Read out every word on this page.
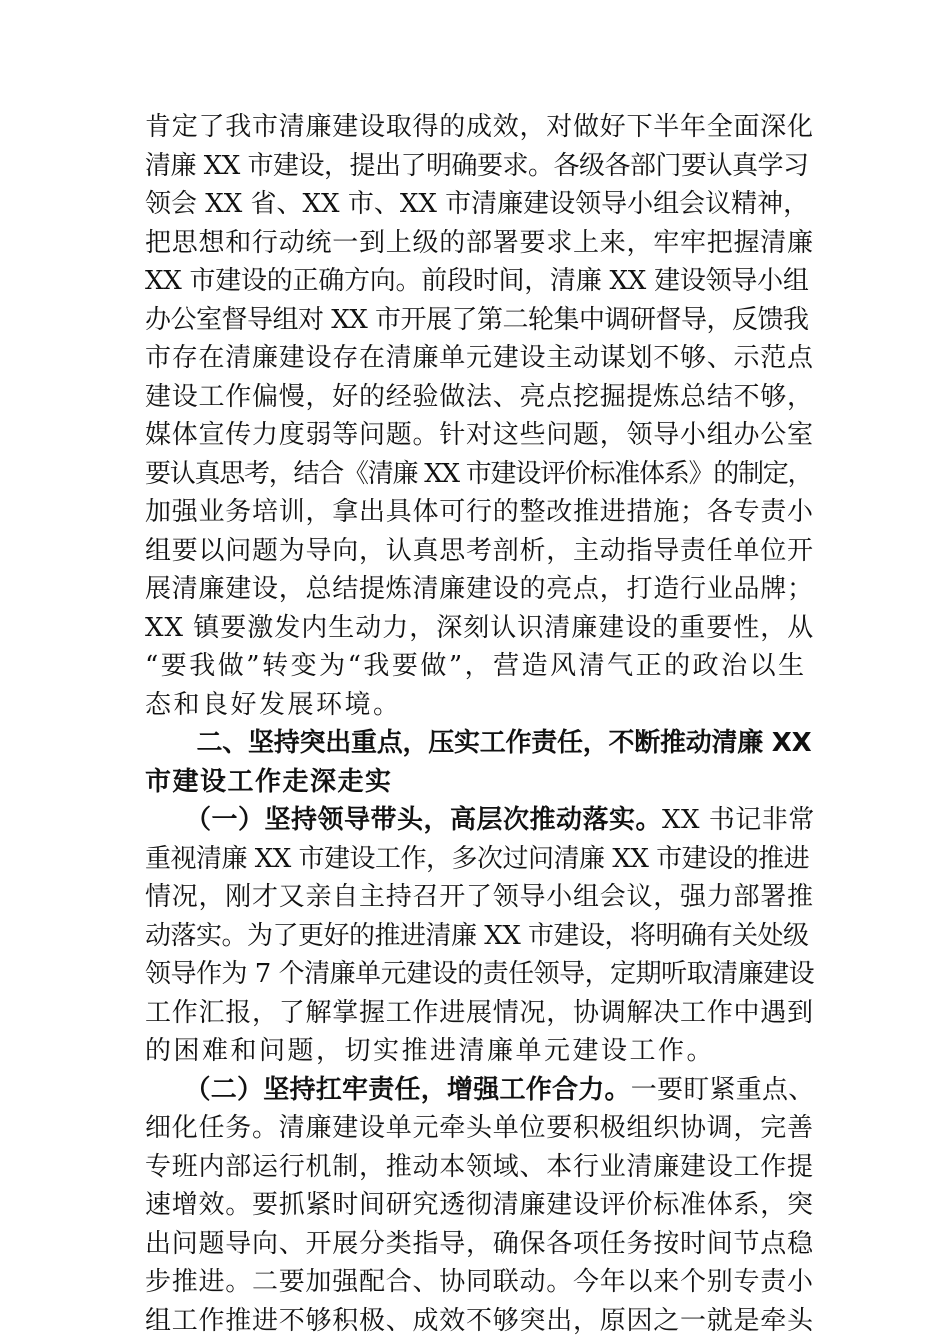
肯定了我市清廉建设取得的成效，对做好下半年全面深化
清廉 XX 市建设，提出了明确要求。各级各部门要认真学习
领会 XX 省、XX 市、XX 市清廉建设领导小组会议精神，
把思想和行动统一到上级的部署要求上来，牢牢把握清廉
XX 市建设的正确方向。前段时间，清廉 XX 建设领导小组
办公室督导组对 XX 市开展了第二轮集中调研督导，反馈我
市存在清廉建设存在清廉单元建设主动谋划不够、示范点
建设工作偏慢，好的经验做法、亮点挖掘提炼总结不够，
媒体宣传力度弱等问题。针对这些问题，领导小组办公室
要认真思考，结合《清廉 XX 市建设评价标准体系》的制定，
加强业务培训，拿出具体可行的整改推进措施；各专责小
组要以问题为导向，认真思考剖析，主动指导责任单位开
展清廉建设，总结提炼清廉建设的亮点，打造行业品牌；
XX 镇要激发内生动力，深刻认识清廉建设的重要性，从
“要我做”转变为“我要做”，营造风清气正的政治以生
态和良好发展环境。
　　二、坚持突出重点，压实工作责任，不断推动清廉 XX
市建设工作走深走实
　　（一）坚持领导带头，高层次推动落实。XX 书记非常
重视清廉 XX 市建设工作，多次过问清廉 XX 市建设的推进
情况，刚才又亲自主持召开了领导小组会议，强力部署推
动落实。为了更好的推进清廉 XX 市建设，将明确有关处级
领导作为 7 个清廉单元建设的责任领导，定期听取清廉建设
工作汇报，了解掌握工作进展情况，协调解决工作中遇到
的困难和问题，切实推进清廉单元建设工作。
　　（二）坚持扛牢责任，增强工作合力。一要盯紧重点、
细化任务。清廉建设单元牵头单位要积极组织协调，完善
专班内部运行机制，推动本领域、本行业清廉建设工作提
速增效。要抓紧时间研究透彻清廉建设评价标准体系，突
出问题导向、开展分类指导，确保各项任务按时间节点稳
步推进。二要加强配合、协同联动。今年以来个别专责小
组工作推进不够积极、成效不够突出，原因之一就是牵头
